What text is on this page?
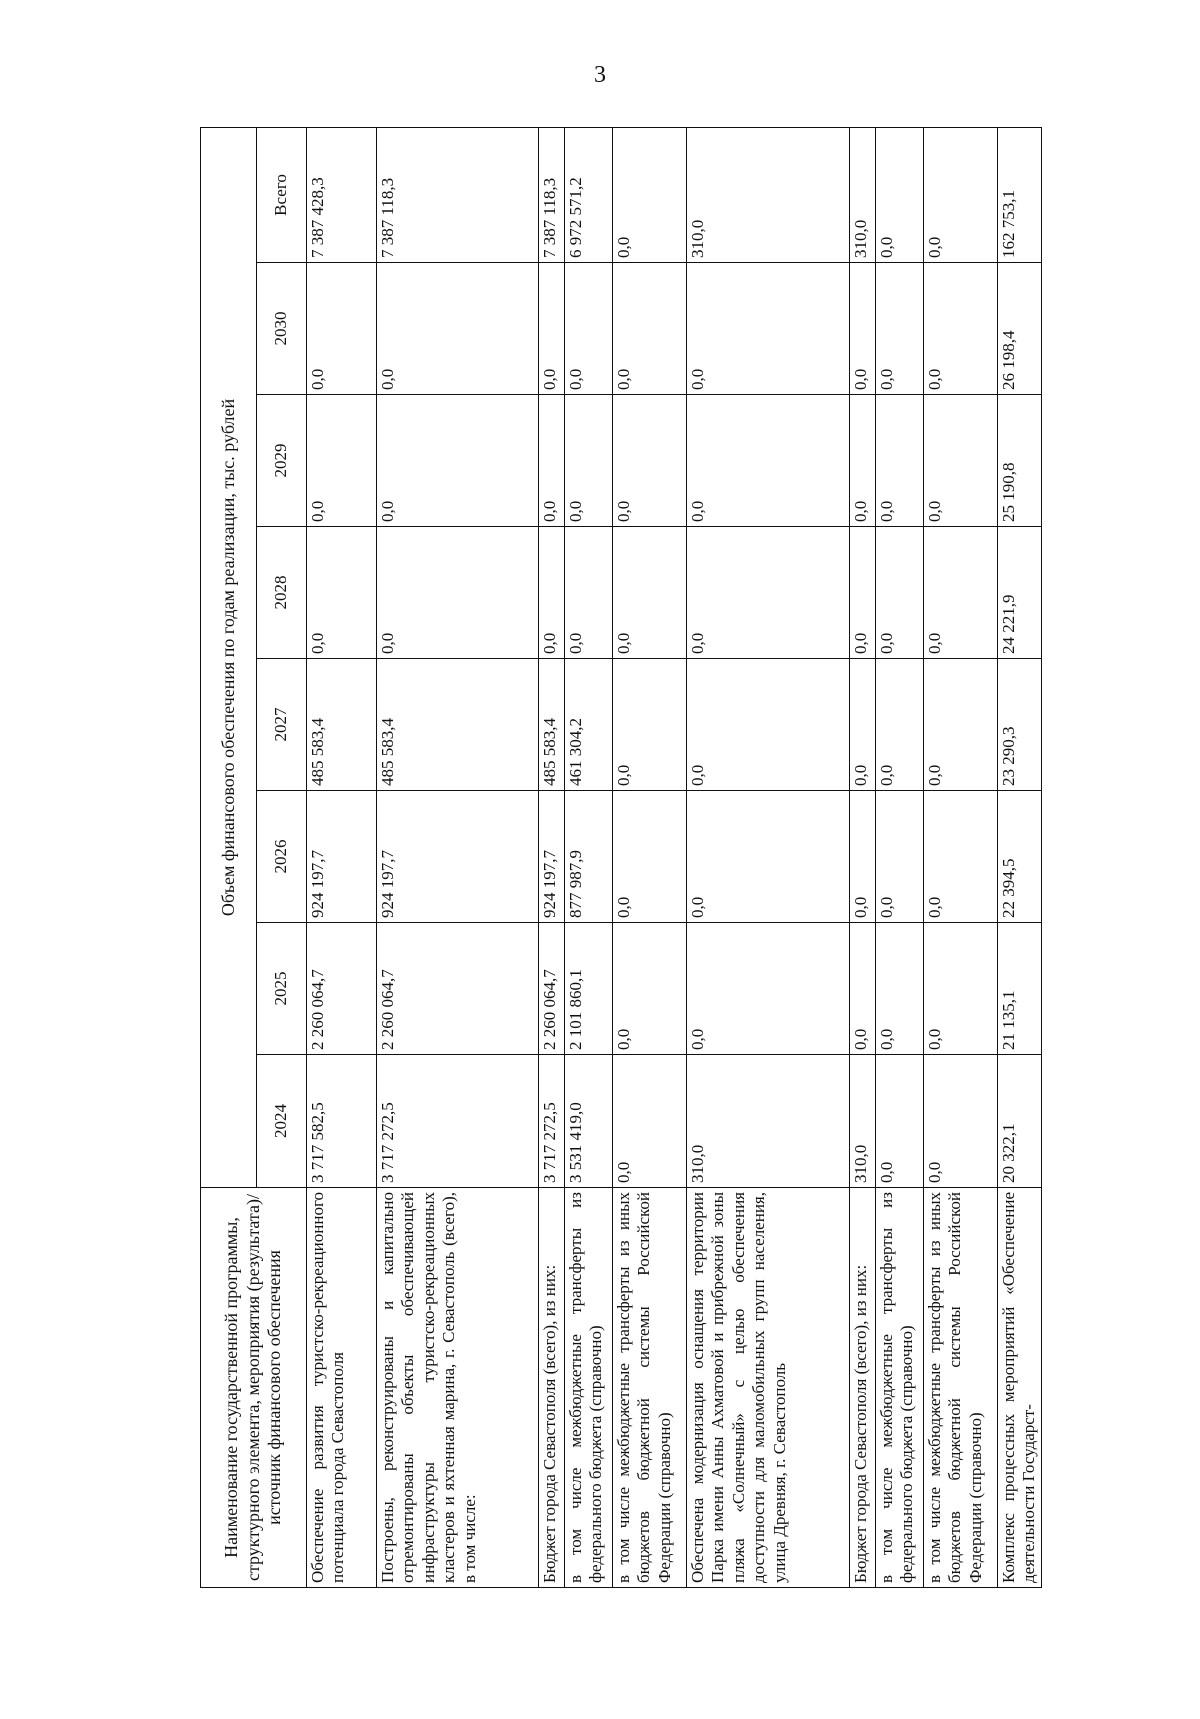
3
Наименование государственной программы, структурного элемента, мероприятия (результата)/источник финансового обеспечения	Объем финансового обеспечения по годам реализации, тыс. рублей							
	2024	2025	2026	2027	2028	2029	2030	Всего
Обеспечение развития туристско-рекреационного потенциала города Севастополя	3 717 582,5	2 260 064,7	924 197,7	485 583,4	0,0	0,0	0,0	7 387 428,3
Построены, реконструированы и капитально отремонтированы объекты обеспечивающей инфраструктуры туристско-рекреационных кластеров и яхтенная марина, г. Севастополь (всего), в том числе:	3 717 272,5	2 260 064,7	924 197,7	485 583,4	0,0	0,0	0,0	7 387 118,3
Бюджет города Севастополя (всего), из них:	3 717 272,5	2 260 064,7	924 197,7	485 583,4	0,0	0,0	0,0	7 387 118,3
в том числе межбюджетные трансферты из федерального бюджета (справочно)	3 531 419,0	2 101 860,1	877 987,9	461 304,2	0,0	0,0	0,0	6 972 571,2
в том числе межбюджетные трансферты из иных бюджетов бюджетной системы Российской Федерации (справочно)	0,0	0,0	0,0	0,0	0,0	0,0	0,0	0,0
Обеспечена модернизация оснащения территории Парка имени Анны Ахматовой и прибрежной зоны пляжа «Солнечный» с целью обеспечения доступности для маломобильных групп населения, улица Древняя, г. Севастополь	310,0	0,0	0,0	0,0	0,0	0,0	0,0	310,0
Бюджет города Севастополя (всего), из них:	310,0	0,0	0,0	0,0	0,0	0,0	0,0	310,0
в том числе межбюджетные трансферты из федерального бюджета (справочно)	0,0	0,0	0,0	0,0	0,0	0,0	0,0	0,0
в том числе межбюджетные трансферты из иных бюджетов бюджетной системы Российской Федерации (справочно)	0,0	0,0	0,0	0,0	0,0	0,0	0,0	0,0
Комплекс процессных мероприятий «Обеспечение деятельности Государст-	20 322,1	21 135,1	22 394,5	23 290,3	24 221,9	25 190,8	26 198,4	162 753,1
